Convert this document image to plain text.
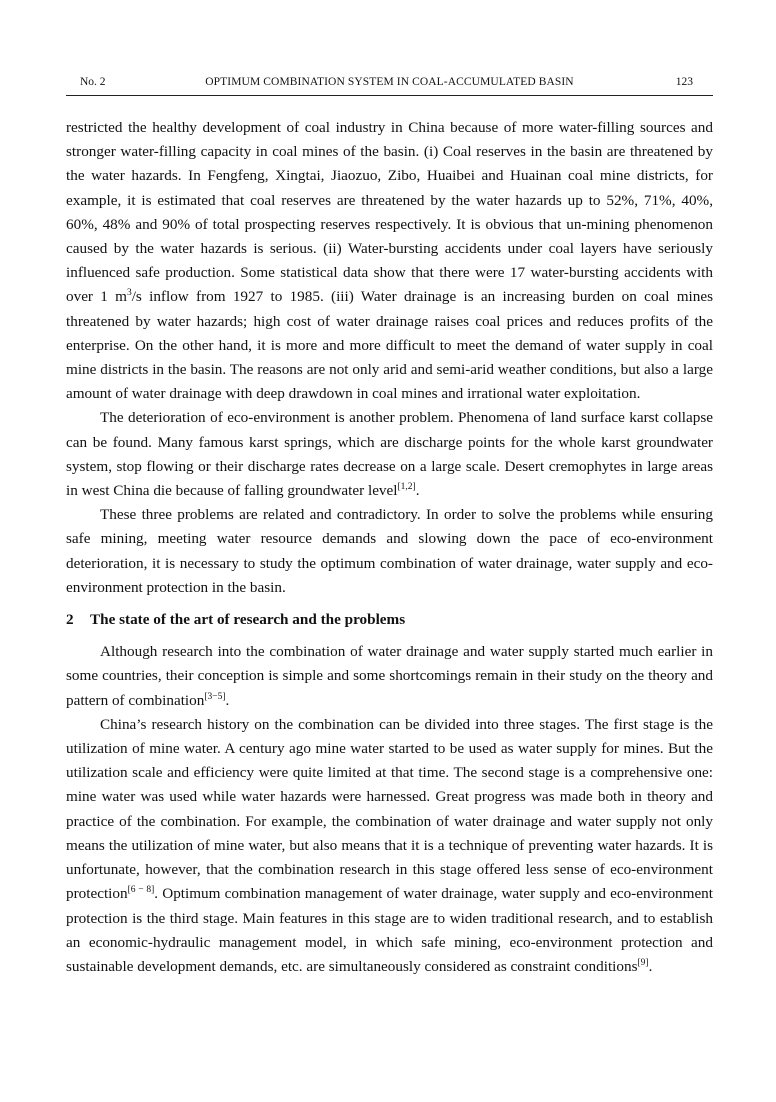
No. 2	OPTIMUM COMBINATION SYSTEM IN COAL-ACCUMULATED BASIN	123

restricted the healthy development of coal industry in China because of more water-filling sources and stronger water-filling capacity in coal mines of the basin. (i) Coal reserves in the basin are threatened by the water hazards. In Fengfeng, Xingtai, Jiaozuo, Zibo, Huaibei and Huainan coal mine districts, for example, it is estimated that coal reserves are threatened by the water hazards up to 52%, 71%, 40%, 60%, 48% and 90% of total prospecting reserves respectively. It is obvious that un-mining phenomenon caused by the water hazards is serious. (ii) Water-bursting accidents under coal layers have seriously influenced safe production. Some statistical data show that there were 17 water-bursting accidents with over 1 $m^3/s$ inflow from 1927 to 1985. (iii) Water drainage is an increasing burden on coal mines threatened by water hazards; high cost of water drainage raises coal prices and reduces profits of the enterprise. On the other hand, it is more and more difficult to meet the demand of water supply in coal mine districts in the basin. The reasons are not only arid and semi-arid weather conditions, but also a large amount of water drainage with deep drawdown in coal mines and irrational water exploitation.

The deterioration of eco-environment is another problem. Phenomena of land surface karst collapse can be found. Many famous karst springs, which are discharge points for the whole karst groundwater system, stop flowing or their discharge rates decrease on a large scale. Desert cremophytes in large areas in west China die because of falling groundwater level[1,2].

These three problems are related and contradictory. In order to solve the problems while ensuring safe mining, meeting water resource demands and slowing down the pace of eco-environment deterioration, it is necessary to study the optimum combination of water drainage, water supply and eco-environment protection in the basin.

2 The state of the art of research and the problems

Although research into the combination of water drainage and water supply started much earlier in some countries, their conception is simple and some shortcomings remain in their study on the theory and pattern of combination[3−5].

China’s research history on the combination can be divided into three stages. The first stage is the utilization of mine water. A century ago mine water started to be used as water supply for mines. But the utilization scale and efficiency were quite limited at that time. The second stage is a comprehensive one: mine water was used while water hazards were harnessed. Great progress was made both in theory and practice of the combination. For example, the combination of water drainage and water supply not only means the utilization of mine water, but also means that it is a technique of preventing water hazards. It is unfortunate, however, that the combination research in this stage offered less sense of eco-environment protection[6 − 8]. Optimum combination management of water drainage, water supply and eco-environment protection is the third stage. Main features in this stage are to widen traditional research, and to establish an economic-hydraulic management model, in which safe mining, eco-environment protection and sustainable development demands, etc. are simultaneously considered as constraint conditions[9].
